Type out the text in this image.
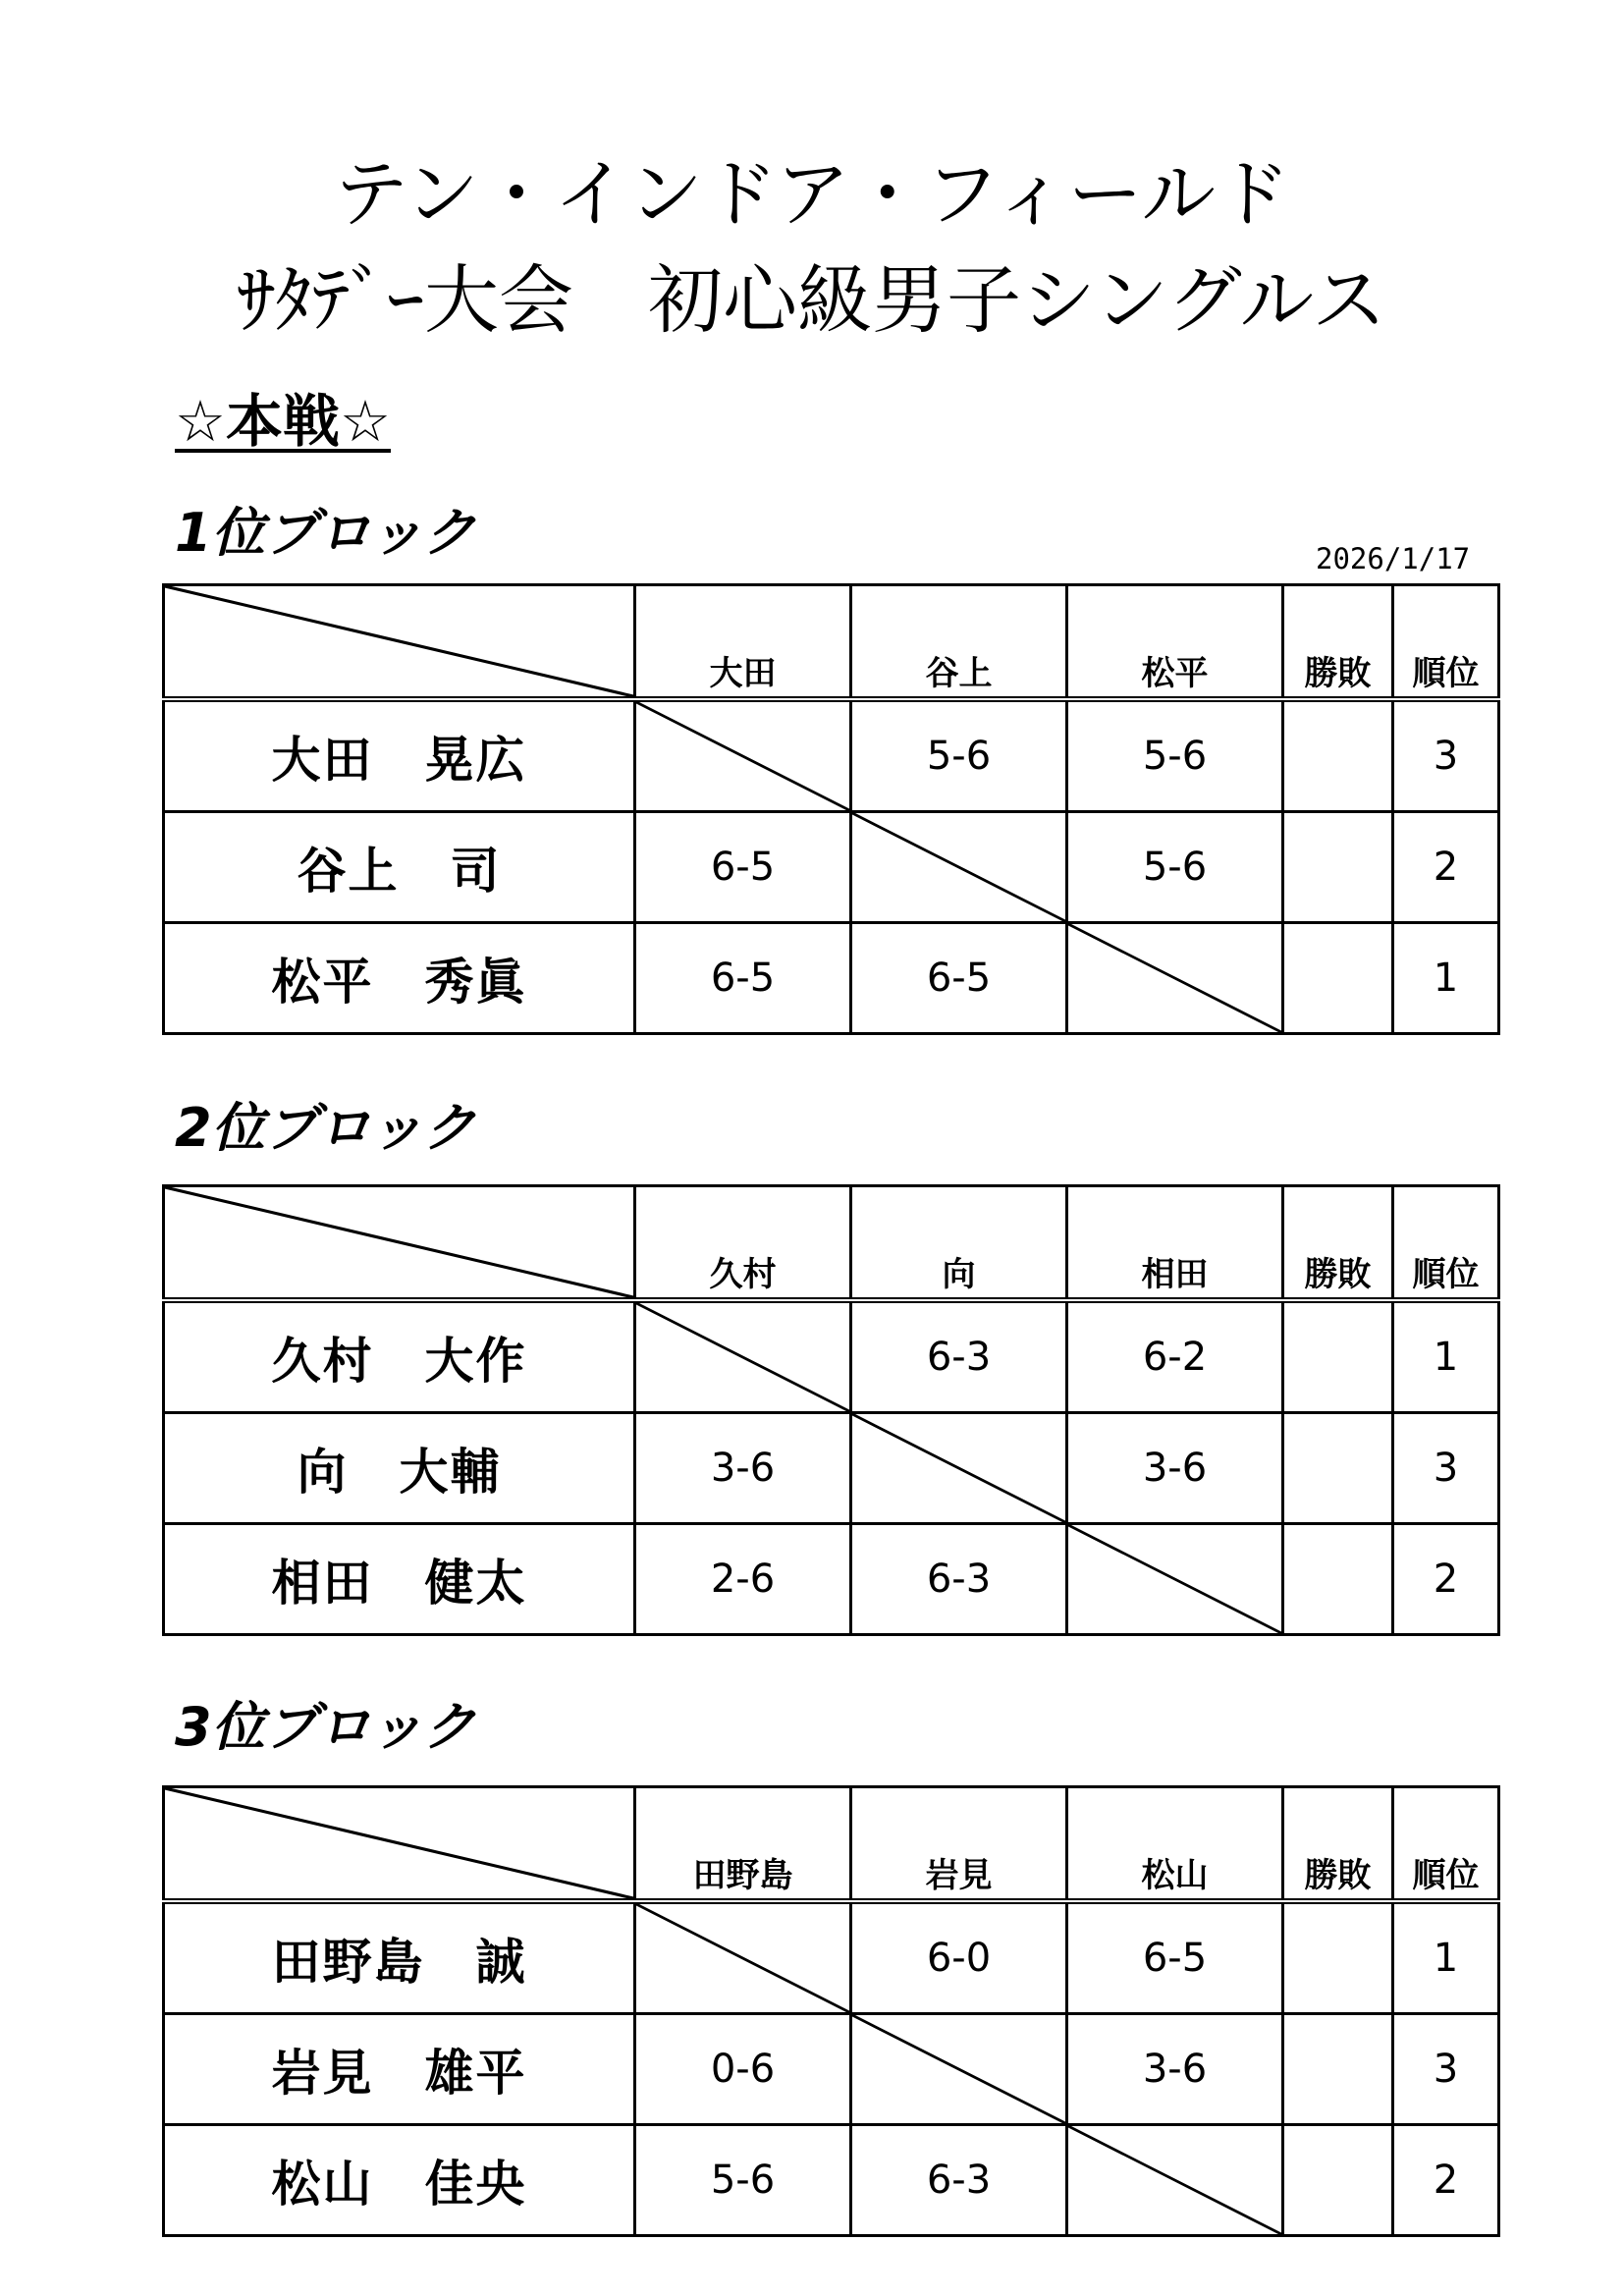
テン・インドア・フィールド
ｻﾀﾃﾞｰ大会　初心級男子シングルス
☆本戦☆
1位ブロック	2026/1/17
2位ブロック
3位ブロック
	大田	谷上	松平	勝敗	順位
大田　晃広		5-6	5-6		3
谷上　司	6-5		5-6		2
松平　秀眞	6-5	6-5			1
	久村	向	相田	勝敗	順位
久村　大作		6-3	6-2		1
向　大輔	3-6		3-6		3
相田　健太	2-6	6-3			2
	田野島	岩見	松山	勝敗	順位
田野島　誠		6-0	6-5		1
岩見　雄平	0-6		3-6		3
松山　佳央	5-6	6-3			2
